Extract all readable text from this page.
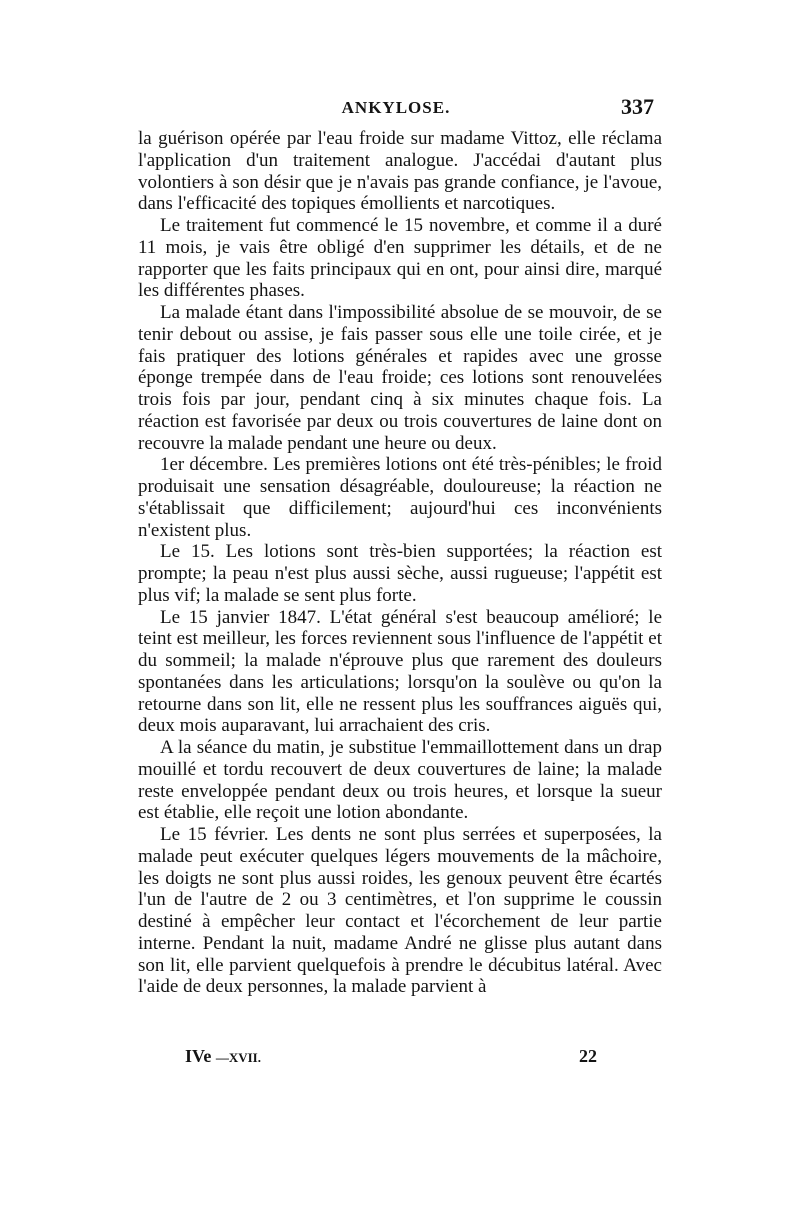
ANKYLOSE.	337

la guérison opérée par l'eau froide sur madame Vittoz, elle réclama l'application d'un traitement analogue. J'accédai d'autant plus volontiers à son désir que je n'avais pas grande confiance, je l'avoue, dans l'efficacité des topiques émollients et narcotiques.

Le traitement fut commencé le 15 novembre, et comme il a duré 11 mois, je vais être obligé d'en supprimer les détails, et de ne rapporter que les faits principaux qui en ont, pour ainsi dire, marqué les différentes phases.

La malade étant dans l'impossibilité absolue de se mouvoir, de se tenir debout ou assise, je fais passer sous elle une toile cirée, et je fais pratiquer des lotions générales et rapides avec une grosse éponge trempée dans de l'eau froide; ces lotions sont renouvelées trois fois par jour, pendant cinq à six minutes chaque fois. La réaction est favorisée par deux ou trois couvertures de laine dont on recouvre la malade pendant une heure ou deux.

1er décembre. Les premières lotions ont été très-pénibles; le froid produisait une sensation désagréable, douloureuse; la réaction ne s'établissait que difficilement; aujourd'hui ces inconvénients n'existent plus.

Le 15. Les lotions sont très-bien supportées; la réaction est prompte; la peau n'est plus aussi sèche, aussi rugueuse; l'appétit est plus vif; la malade se sent plus forte.

Le 15 janvier 1847. L'état général s'est beaucoup amélioré; le teint est meilleur, les forces reviennent sous l'influence de l'appétit et du sommeil; la malade n'éprouve plus que rarement des douleurs spontanées dans les articulations; lorsqu'on la soulève ou qu'on la retourne dans son lit, elle ne ressent plus les souffrances aiguës qui, deux mois auparavant, lui arrachaient des cris.

A la séance du matin, je substitue l'emmaillottement dans un drap mouillé et tordu recouvert de deux couvertures de laine; la malade reste enveloppée pendant deux ou trois heures, et lorsque la sueur est établie, elle reçoit une lotion abondante.

Le 15 février. Les dents ne sont plus serrées et superposées, la malade peut exécuter quelques légers mouvements de la mâchoire, les doigts ne sont plus aussi roides, les genoux peuvent être écartés l'un de l'autre de 2 ou 3 centimètres, et l'on supprime le coussin destiné à empêcher leur contact et l'écorchement de leur partie interne. Pendant la nuit, madame André ne glisse plus autant dans son lit, elle parvient quelquefois à prendre le décubitus latéral. Avec l'aide de deux personnes, la malade parvient à

IVe —XVII.	22
